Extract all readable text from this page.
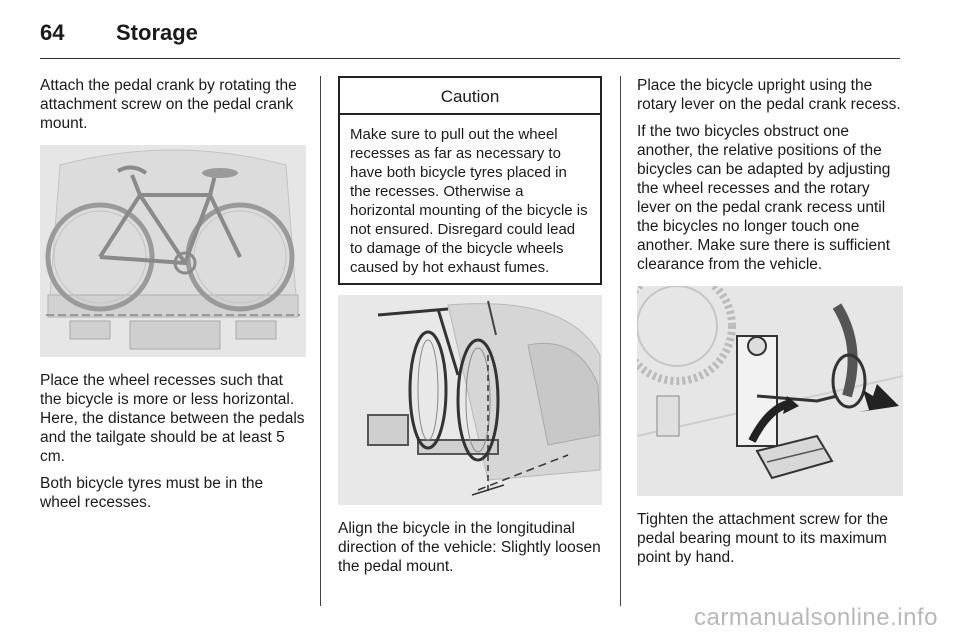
64	Storage

Attach the pedal crank by rotating the attachment screw on the pedal crank mount.

Place the wheel recesses such that the bicycle is more or less horizontal. Here, the distance between the pedals and the tailgate should be at least 5 cm.

Both bicycle tyres must be in the wheel recesses.

Caution
Make sure to pull out the wheel recesses as far as necessary to have both bicycle tyres placed in the recesses. Otherwise a horizontal mounting of the bicycle is not ensured. Disregard could lead to damage of the bicycle wheels caused by hot exhaust fumes.

Align the bicycle in the longitudinal direction of the vehicle: Slightly loosen the pedal mount.

Place the bicycle upright using the rotary lever on the pedal crank recess.

If the two bicycles obstruct one another, the relative positions of the bicycles can be adapted by adjusting the wheel recesses and the rotary lever on the pedal crank recess until the bicycles no longer touch one another. Make sure there is sufficient clearance from the vehicle.

Tighten the attachment screw for the pedal bearing mount to its maximum point by hand.

carmanualsonline.info
